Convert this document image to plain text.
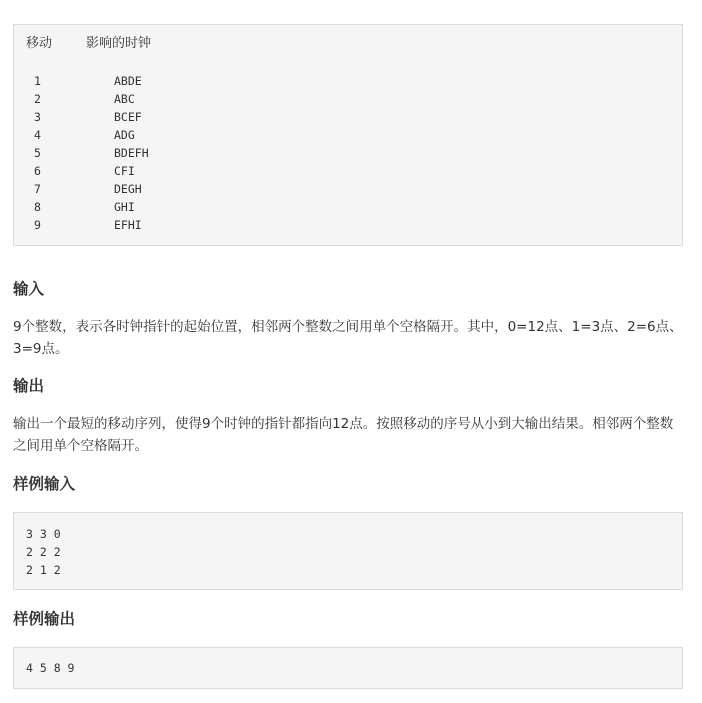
移动	影响的时钟
1	ABDE
2	ABC
3	BCEF
4	ADG
5	BDEFH
6	CFI
7	DEGH
8	GHI
9	EFHI
输入

9个整数，表示各时钟指针的起始位置，相邻两个整数之间用单个空格隔开。其中，0=12点、1=3点、2=6点、3=9点。

输出

输出一个最短的移动序列，使得9个时钟的指针都指向12点。按照移动的序号从小到大输出结果。相邻两个整数之间用单个空格隔开。

样例输入
3 3 0
2 2 2
2 1 2
样例输出
4 5 8 9
